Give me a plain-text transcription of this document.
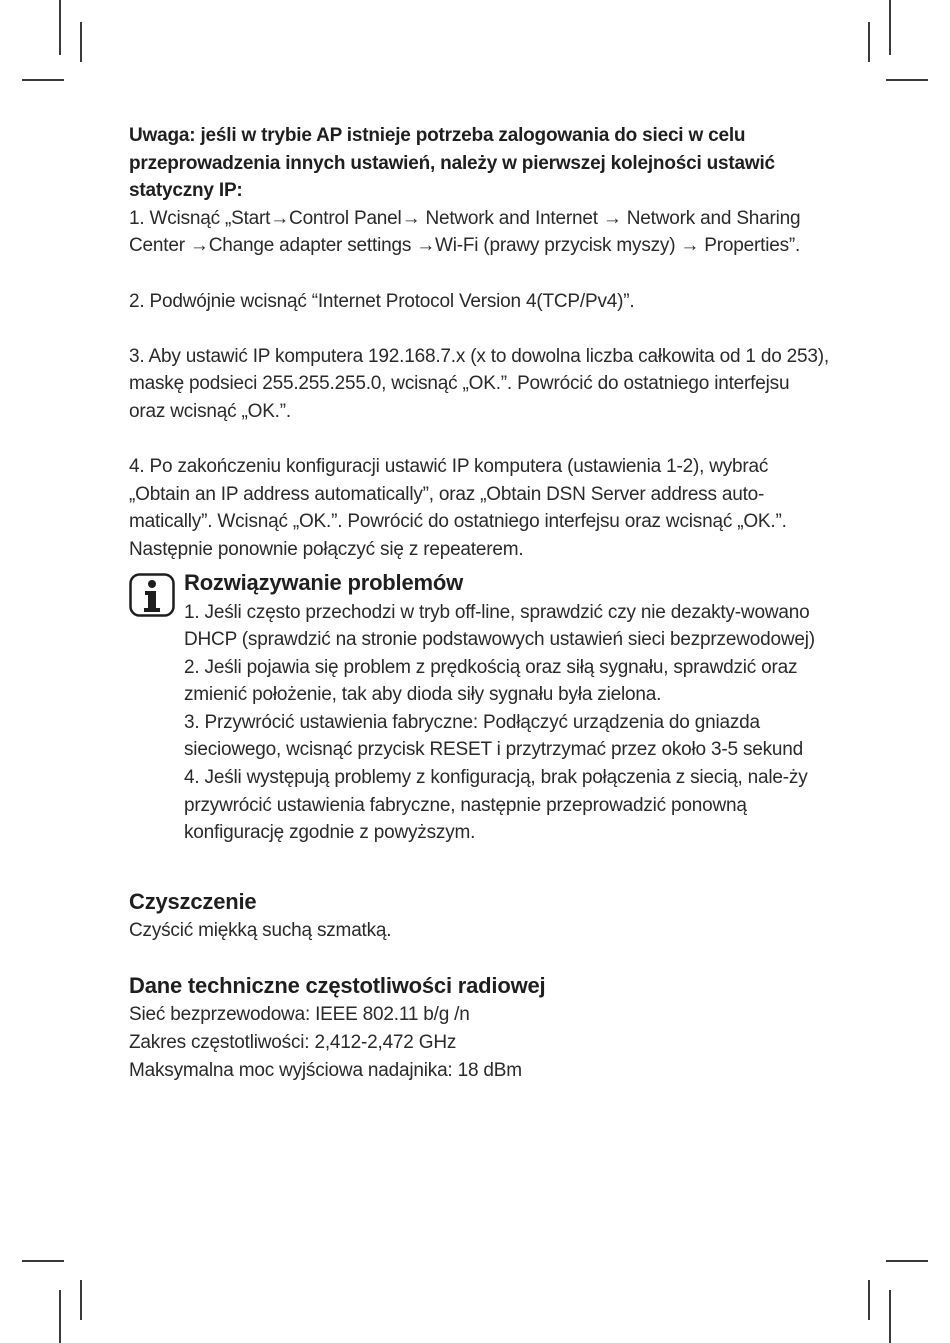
Uwaga: jeśli w trybie AP istnieje potrzeba zalogowania do sieci w celu przeprowadzenia innych ustawień, należy w pierwszej kolejności ustawić statyczny IP:

1. Wcisnąć „Start→Control Panel→ Network and Internet → Network and Sharing Center →Change adapter settings →Wi-Fi (prawy przycisk myszy) → Properties”.

2. Podwójnie wcisnąć “Internet Protocol Version 4(TCP/Pv4)”.

3. Aby ustawić IP komputera 192.168.7.x (x to dowolna liczba całkowita od 1 do 253), maskę podsieci 255.255.255.0, wcisnąć „OK.”. Powrócić do ostatniego interfejsu oraz wcisnąć „OK.”.

4. Po zakończeniu konfiguracji ustawić IP komputera (ustawienia 1-2), wybrać „Obtain an IP address automatically”, oraz „Obtain DSN Server address auto-matically”. Wcisnąć „OK.”. Powrócić do ostatniego interfejsu oraz wcisnąć „OK.”. Następnie ponownie połączyć się z repeaterem.

Rozwiązywanie problemów

1. Jeśli często przechodzi w tryb off-line, sprawdzić czy nie dezakty-wowano DHCP (sprawdzić na stronie podstawowych ustawień sieci bezprzewodowej)

2. Jeśli pojawia się problem z prędkością oraz siłą sygnału, sprawdzić oraz zmienić położenie, tak aby dioda siły sygnału była zielona.

3. Przywrócić ustawienia fabryczne: Podłączyć urządzenia do gniazda sieciowego, wcisnąć przycisk RESET i przytrzymać przez około 3-5 sekund

4. Jeśli występują problemy z konfiguracją, brak połączenia z siecią, nale-ży przywrócić ustawienia fabryczne, następnie przeprowadzić ponowną konfigurację zgodnie z powyższym.

Czyszczenie

Czyścić miękką suchą szmatką.

Dane techniczne częstotliwości radiowej

Sieć bezprzewodowa: IEEE 802.11 b/g /n

Zakres częstotliwości: 2,412-2,472 GHz

Maksymalna moc wyjściowa nadajnika: 18 dBm
